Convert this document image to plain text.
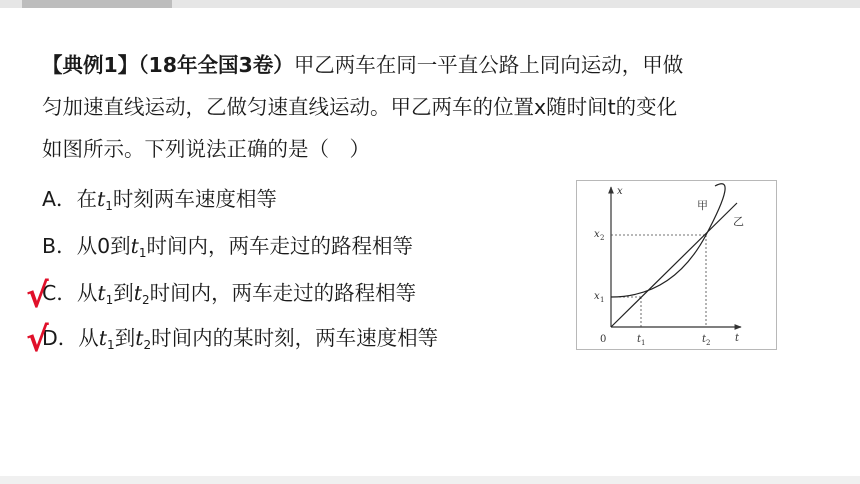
【典例1】（18年全国3卷）甲乙两车在同一平直公路上同向运动，甲做
匀加速直线运动，乙做匀速直线运动。甲乙两车的位置x随时间t的变化
如图所示。下列说法正确的是（　）
A．在$t_1$时刻两车速度相等
B．从0到$t_1$时间内，两车走过的路程相等
C．从$t_1$到$t_2$时间内，两车走过的路程相等
D．从$t_1$到$t_2$时间内的某时刻，两车速度相等
√
√
x
t
0	t 1	t 2
x 1
x 2
甲
乙
